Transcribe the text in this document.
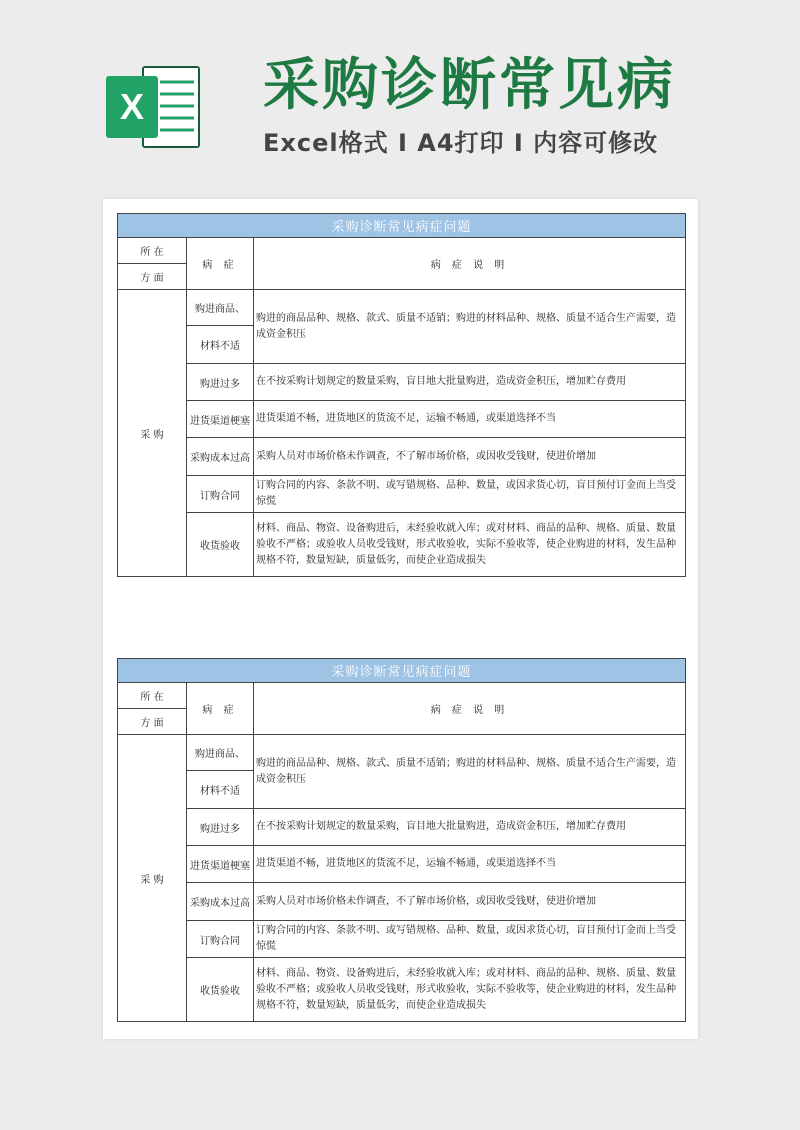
X 采购诊断常见病
Excel格式 I A4打印 I 内容可修改
采购诊断常见病症问题		
所 在	病 症	病 症 说 明
方 面		
采 购	购进商品、	购进的商品品种、规格、款式、质量不适销；购进的材料品种、规格、质量不适合生产需要，造成资金积压
	材料不适	
	购进过多	在不按采购计划规定的数量采购，盲目地大批量购进，造成资金积压，增加贮存费用
	进货渠道梗塞	进货渠道不畅，进货地区的货流不足，运输不畅通，或渠道选择不当
	采购成本过高	采购人员对市场价格未作调查，不了解市场价格，或因收受钱财，使进价增加
	订购合同	订购合同的内容、条款不明、或写错规格、品种、数量，或因求货心切，盲目预付订金而上当受惊慌
	收货验收	材料、商品、物资、设备购进后，未经验收就入库；或对材料、商品的品种、规格、质量、数量验收不严格；或验收人员收受钱财，形式收验收，实际不验收等，使企业购进的材料，发生品种规格不符，数量短缺，质量低劣，而使企业造成损失
采购诊断常见病症问题		
所 在	病 症	病 症 说 明
方 面		
采 购	购进商品、	购进的商品品种、规格、款式、质量不适销；购进的材料品种、规格、质量不适合生产需要，造成资金积压
	材料不适	
	购进过多	在不按采购计划规定的数量采购，盲目地大批量购进，造成资金积压，增加贮存费用
	进货渠道梗塞	进货渠道不畅，进货地区的货流不足，运输不畅通，或渠道选择不当
	采购成本过高	采购人员对市场价格未作调查，不了解市场价格，或因收受钱财，使进价增加
	订购合同	订购合同的内容、条款不明、或写错规格、品种、数量，或因求货心切，盲目预付订金而上当受惊慌
	收货验收	材料、商品、物资、设备购进后，未经验收就入库；或对材料、商品的品种、规格、质量、数量验收不严格；或验收人员收受钱财，形式收验收，实际不验收等，使企业购进的材料，发生品种规格不符，数量短缺，质量低劣，而使企业造成损失
